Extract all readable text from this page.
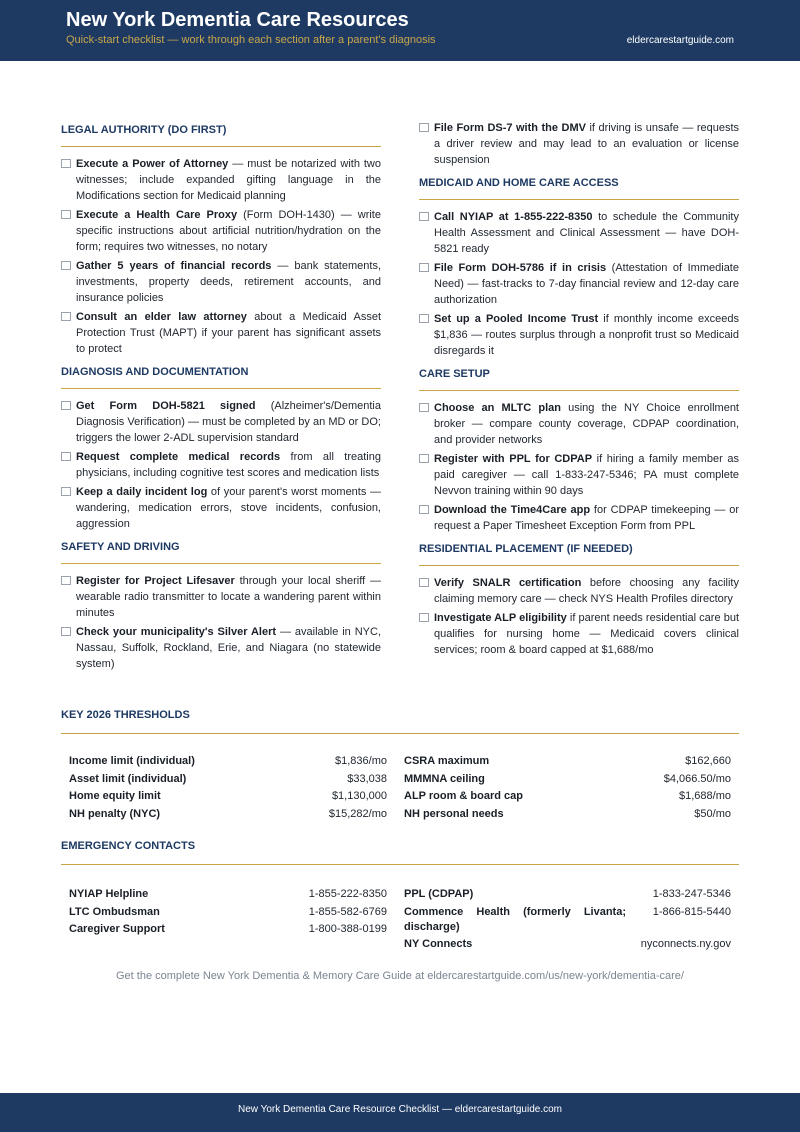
New York Dementia Care Resources
Quick-start checklist — work through each section after a parent's diagnosis	eldercarestartguide.com
LEGAL AUTHORITY (DO FIRST)
Execute a Power of Attorney — must be notarized with two witnesses; include expanded gifting language in the Modifications section for Medicaid planning
Execute a Health Care Proxy (Form DOH-1430) — write specific instructions about artificial nutrition/hydration on the form; requires two witnesses, no notary
Gather 5 years of financial records — bank statements, investments, property deeds, retirement accounts, and insurance policies
Consult an elder law attorney about a Medicaid Asset Protection Trust (MAPT) if your parent has significant assets to protect
DIAGNOSIS AND DOCUMENTATION
Get Form DOH-5821 signed (Alzheimer's/Dementia Diagnosis Verification) — must be completed by an MD or DO; triggers the lower 2-ADL supervision standard
Request complete medical records from all treating physicians, including cognitive test scores and medication lists
Keep a daily incident log of your parent's worst moments — wandering, medication errors, stove incidents, confusion, aggression
SAFETY AND DRIVING
Register for Project Lifesaver through your local sheriff — wearable radio transmitter to locate a wandering parent within minutes
Check your municipality's Silver Alert — available in NYC, Nassau, Suffolk, Rockland, Erie, and Niagara (no statewide system)
File Form DS-7 with the DMV if driving is unsafe — requests a driver review and may lead to an evaluation or license suspension
MEDICAID AND HOME CARE ACCESS
Call NYIAP at 1-855-222-8350 to schedule the Community Health Assessment and Clinical Assessment — have DOH-5821 ready
File Form DOH-5786 if in crisis (Attestation of Immediate Need) — fast-tracks to 7-day financial review and 12-day care authorization
Set up a Pooled Income Trust if monthly income exceeds $1,836 — routes surplus through a nonprofit trust so Medicaid disregards it
CARE SETUP
Choose an MLTC plan using the NY Choice enrollment broker — compare county coverage, CDPAP coordination, and provider networks
Register with PPL for CDPAP if hiring a family member as paid caregiver — call 1-833-247-5346; PA must complete Nevvon training within 90 days
Download the Time4Care app for CDPAP timekeeping — or request a Paper Timesheet Exception Form from PPL
RESIDENTIAL PLACEMENT (IF NEEDED)
Verify SNALR certification before choosing any facility claiming memory care — check NYS Health Profiles directory
Investigate ALP eligibility if parent needs residential care but qualifies for nursing home — Medicaid covers clinical services; room & board capped at $1,688/mo
KEY 2026 THRESHOLDS
Income limit (individual)	$1,836/mo
Asset limit (individual)	$33,038
Home equity limit	$1,130,000
NH penalty (NYC)	$15,282/mo
CSRA maximum	$162,660
MMMNA ceiling	$4,066.50/mo
ALP room & board cap	$1,688/mo
NH personal needs	$50/mo
EMERGENCY CONTACTS
NYIAP Helpline	1-855-222-8350
LTC Ombudsman	1-855-582-6769
Caregiver Support	1-800-388-0199
PPL (CDPAP)	1-833-247-5346
Commence Health (formerly Livanta; discharge)
1-866-815-5440
NY Connects	nyconnects.ny.gov
Get the complete New York Dementia & Memory Care Guide at eldercarestartguide.com/us/new-york/dementia-care/
New York Dementia Care Resource Checklist — eldercarestartguide.com
